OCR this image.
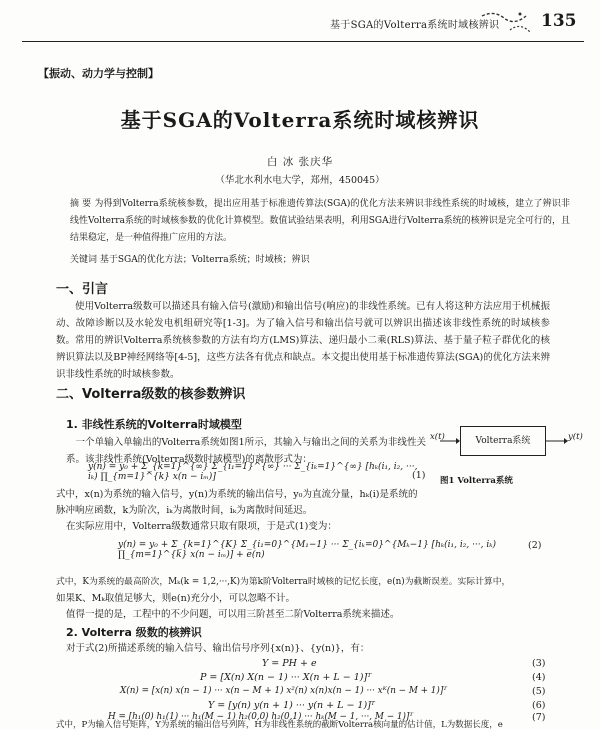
基于SGA的Volterra系统时域核辨识 135
【振动、动力学与控制】
基于SGA的Volterra系统时域核辨识
白 冰 张庆华
（华北水利水电大学，郑州，450045）
摘 要 为得到Volterra系统核参数，提出应用基于标准遗传算法(SGA)的优化方法来辨识非线性系统的时域核，建立了辨识非线性Volterra系统的时域核参数的优化计算模型。数值试验结果表明，利用SGA进行Volterra系统的核辨识是完全可行的，且结果稳定，是一种值得推广应用的方法。
关键词 基于SGA的优化方法；Volterra系统；时域核；辨识
一、引言
使用Volterra级数可以描述具有输入信号(激励)和输出信号(响应)的非线性系统。已有人将这种方法应用于机械振动、故障诊断以及水轮发电机组研究等[1-3]。为了输入信号和输出信号就可以辨识出描述该非线性系统的时域核参数。 常用的辨识Volterra系统核参数的方法有均方(LMS)算法、递归最小二乘(RLS)算法、基于量子粒子群优化的核辨识算法以及BP神经网络等[4-5]，这些方法各有优点和缺点。本文提出使用基于标准遗传算法(SGA)的优化方法来辨识非线性系统的时域核参数。
二、Volterra级数的核参数辨识
1. 非线性系统的Volterra时域模型
一个单输入单输出的Volterra系统如图1所示，其输入与输出之间的关系为非线性关系。该非线性系统(Volterra级数时域模型)的离散形式为：
x(t)	Volterra系统	y(t)
图1 Volterra系统
y(n) = y₀ + Σ_{k=1}^{∞} Σ_{i₁=1}^{∞} ··· Σ_{iₖ=1}^{∞} [hₖ(i₁, i₂, ···, iₖ) ∏_{m=1}^{k} x(n − iₘ)]	(1)
式中，x(n)为系统的输入信号，y(n)为系统的输出信号，y₀为直流分量，hₖ(i)是系统的
脉冲响应函数，k为阶次，iₖ为离散时间，iₖ为离散时间延迟。
在实际应用中，Volterra级数通常只取有限项，于是式(1)变为：
y(n) = y₀ + Σ_{k=1}^{K} Σ_{i₁=0}^{M₁−1} ··· Σ_{iₖ=0}^{Mₖ−1} [hₖ(i₁, i₂, ···, iₖ) ∏_{m=1}^{k} x(n − iₘ)] + e(n)
(2)
式中，K为系统的最高阶次，Mₖ(k = 1,2,···,K)为第k阶Volterra时域核的记忆长度，e(n)为截断误差。实际计算中，
如果K、Mₖ取值足够大，则e(n)充分小，可以忽略不计。
值得一提的是，工程中的不少问题，可以用三阶甚至二阶Volterra系统来描述。
2. Volterra 级数的核辨识
对于式(2)所描述系统的输入信号、输出信号序列{x(n)}、{y(n)}，有：
Y = PH + e	(3)
P = [X(n) X(n − 1) ··· X(n + L − 1)]ᵀ	(4)
X(n) = [x(n) x(n − 1) ··· x(n − M + 1) x²(n) x(n)x(n − 1) ··· xᴷ(n − M + 1)]ᵀ	(5)
Y = [y(n) y(n + 1) ··· y(n + L − 1)]ᵀ	(6)
H = [h₁(0) h₁(1) ··· h₁(M − 1) h₂(0,0) h₂(0,1) ··· hₖ(M − 1, ···, M − 1)]ᵀ	(7)
式中，P为输入信号矩阵，Y为系统的输出信号列阵，H为非线性系统的截断Volterra核向量的估计值，L为数据长度，e
